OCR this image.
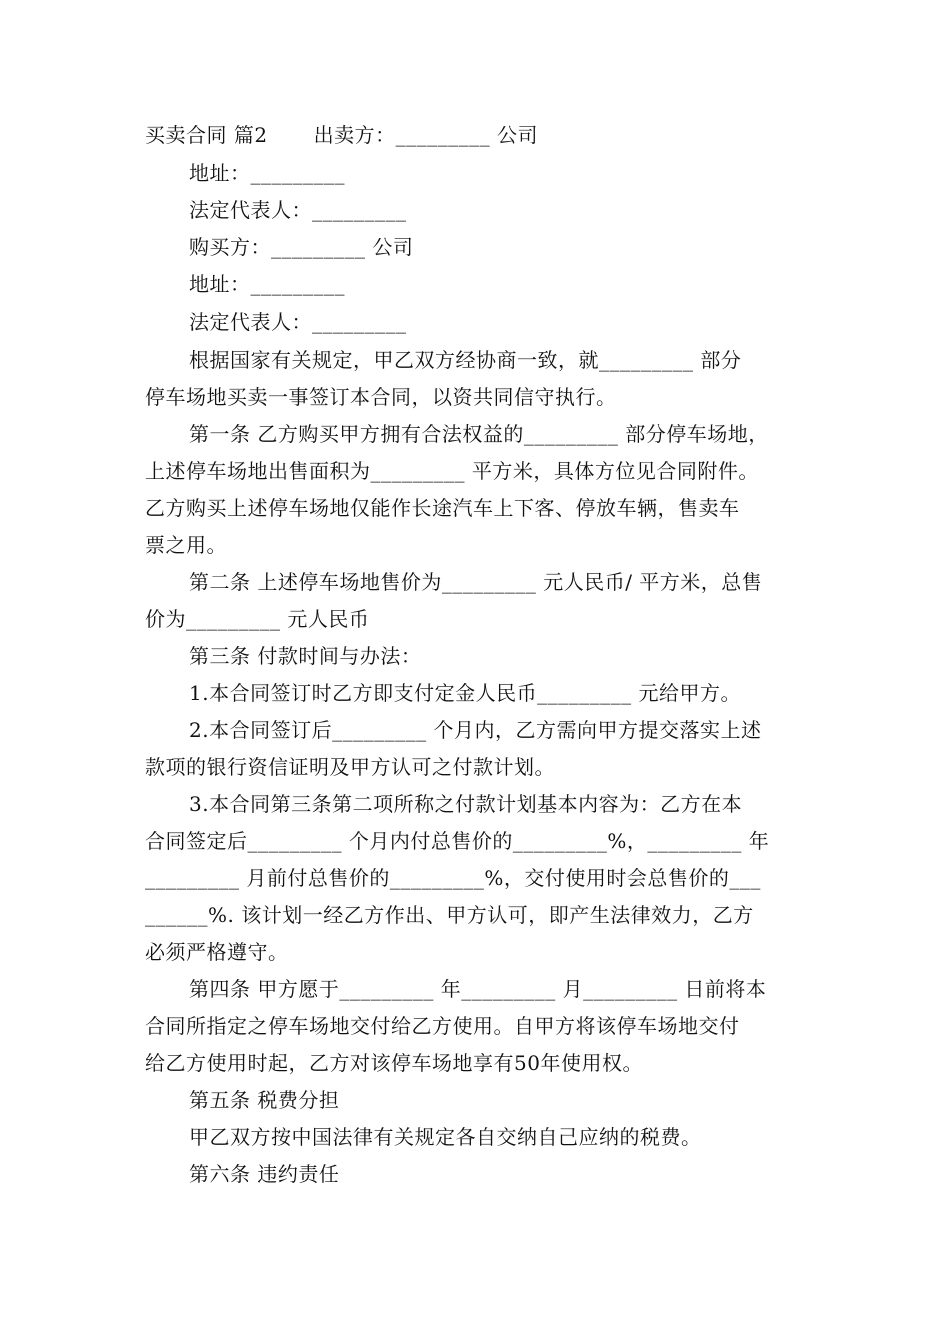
买卖合同 篇2 出卖方：_________ 公司
地址：_________
法定代表人：_________
购买方：_________ 公司
地址：_________
法定代表人：_________
根据国家有关规定，甲乙双方经协商一致，就_________ 部分
停车场地买卖一事签订本合同，以资共同信守执行。
第一条 乙方购买甲方拥有合法权益的_________ 部分停车场地，
上述停车场地出售面积为_________ 平方米，具体方位见合同附件。
乙方购买上述停车场地仅能作长途汽车上下客、停放车辆，售卖车
票之用。
第二条 上述停车场地售价为_________ 元人民币/ 平方米，总售
价为_________ 元人民币
第三条 付款时间与办法：
1.本合同签订时乙方即支付定金人民币_________ 元给甲方。
2.本合同签订后_________ 个月内，乙方需向甲方提交落实上述
款项的银行资信证明及甲方认可之付款计划。
3.本合同第三条第二项所称之付款计划基本内容为：乙方在本
合同签定后_________ 个月内付总售价的_________%，_________ 年
_________ 月前付总售价的_________%，交付使用时会总售价的___
______%. 该计划一经乙方作出、甲方认可，即产生法律效力，乙方
必须严格遵守。
第四条 甲方愿于_________ 年_________ 月_________ 日前将本
合同所指定之停车场地交付给乙方使用。自甲方将该停车场地交付
给乙方使用时起，乙方对该停车场地享有50年使用权。
第五条 税费分担
甲乙双方按中国法律有关规定各自交纳自己应纳的税费。
第六条 违约责任
